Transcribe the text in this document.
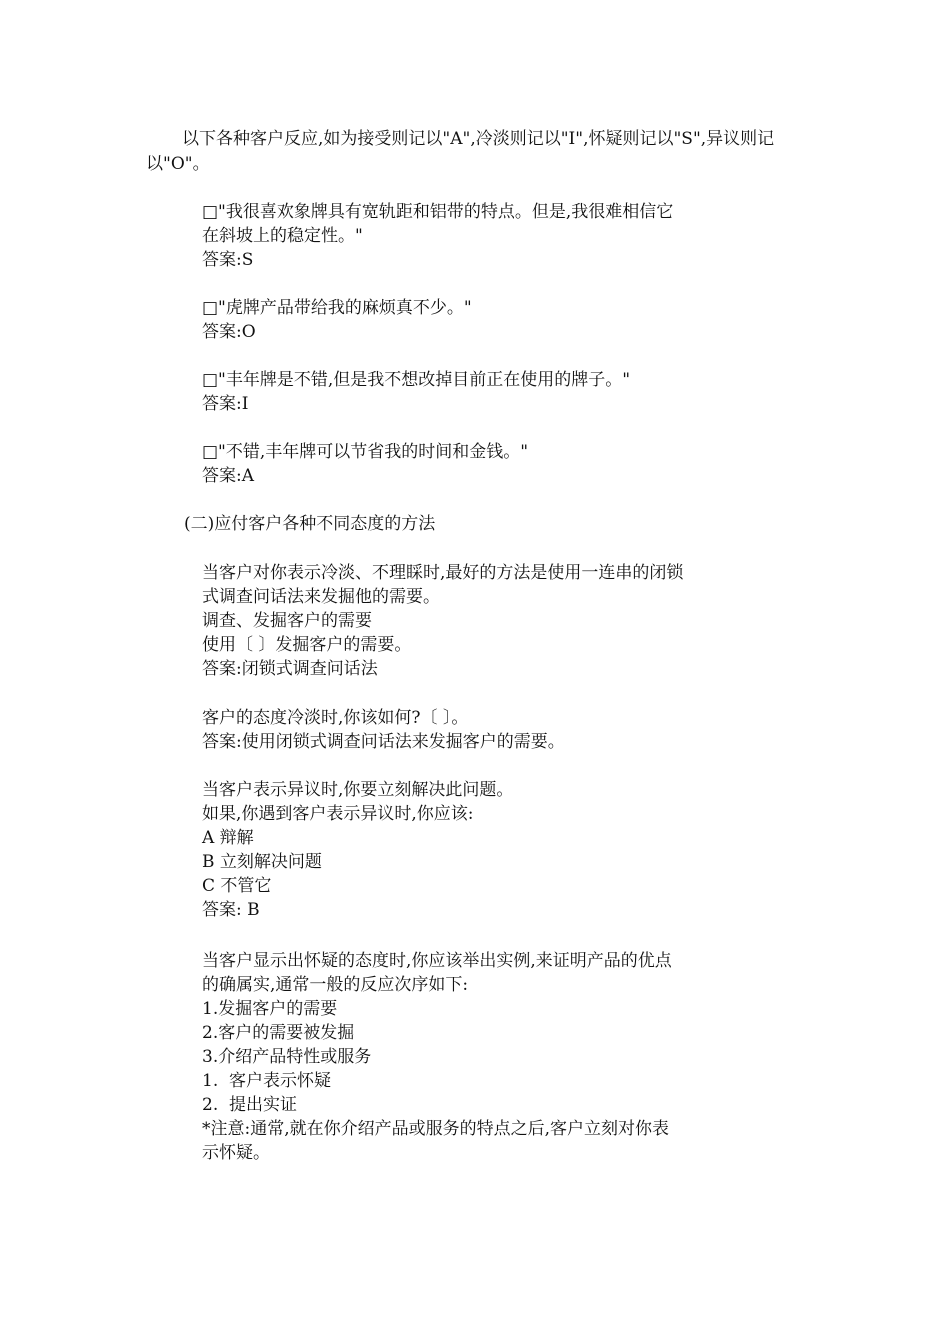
以下各种客户反应,如为接受则记以"A",冷淡则记以"I",怀疑则记以"S",异议则记以"O"。
□"我很喜欢象牌具有宽轨距和铝带的特点。但是,我很难相信它
在斜坡上的稳定性。"
答案:S
□"虎牌产品带给我的麻烦真不少。"
答案:O
□"丰年牌是不错,但是我不想改掉目前正在使用的牌子。"
答案:I
□"不错,丰年牌可以节省我的时间和金钱。"
答案:A
(二)应付客户各种不同态度的方法
当客户对你表示冷淡、不理睬时,最好的方法是使用一连串的闭锁
式调查问话法来发掘他的需要。
调查、发掘客户的需要
使用〔 〕发掘客户的需要。
答案:闭锁式调查问话法
客户的态度冷淡时,你该如何?〔 〕。
答案:使用闭锁式调查问话法来发掘客户的需要。
当客户表示异议时,你要立刻解决此问题。
如果,你遇到客户表示异议时,你应该:
A 辩解
B 立刻解决问题
C 不管它
答案: B
当客户显示出怀疑的态度时,你应该举出实例,来证明产品的优点
的确属实,通常一般的反应次序如下:
1.发掘客户的需要
2.客户的需要被发掘
3.介绍产品特性或服务
1.  客户表示怀疑
2.  提出实证
*注意:通常,就在你介绍产品或服务的特点之后,客户立刻对你表
示怀疑。
